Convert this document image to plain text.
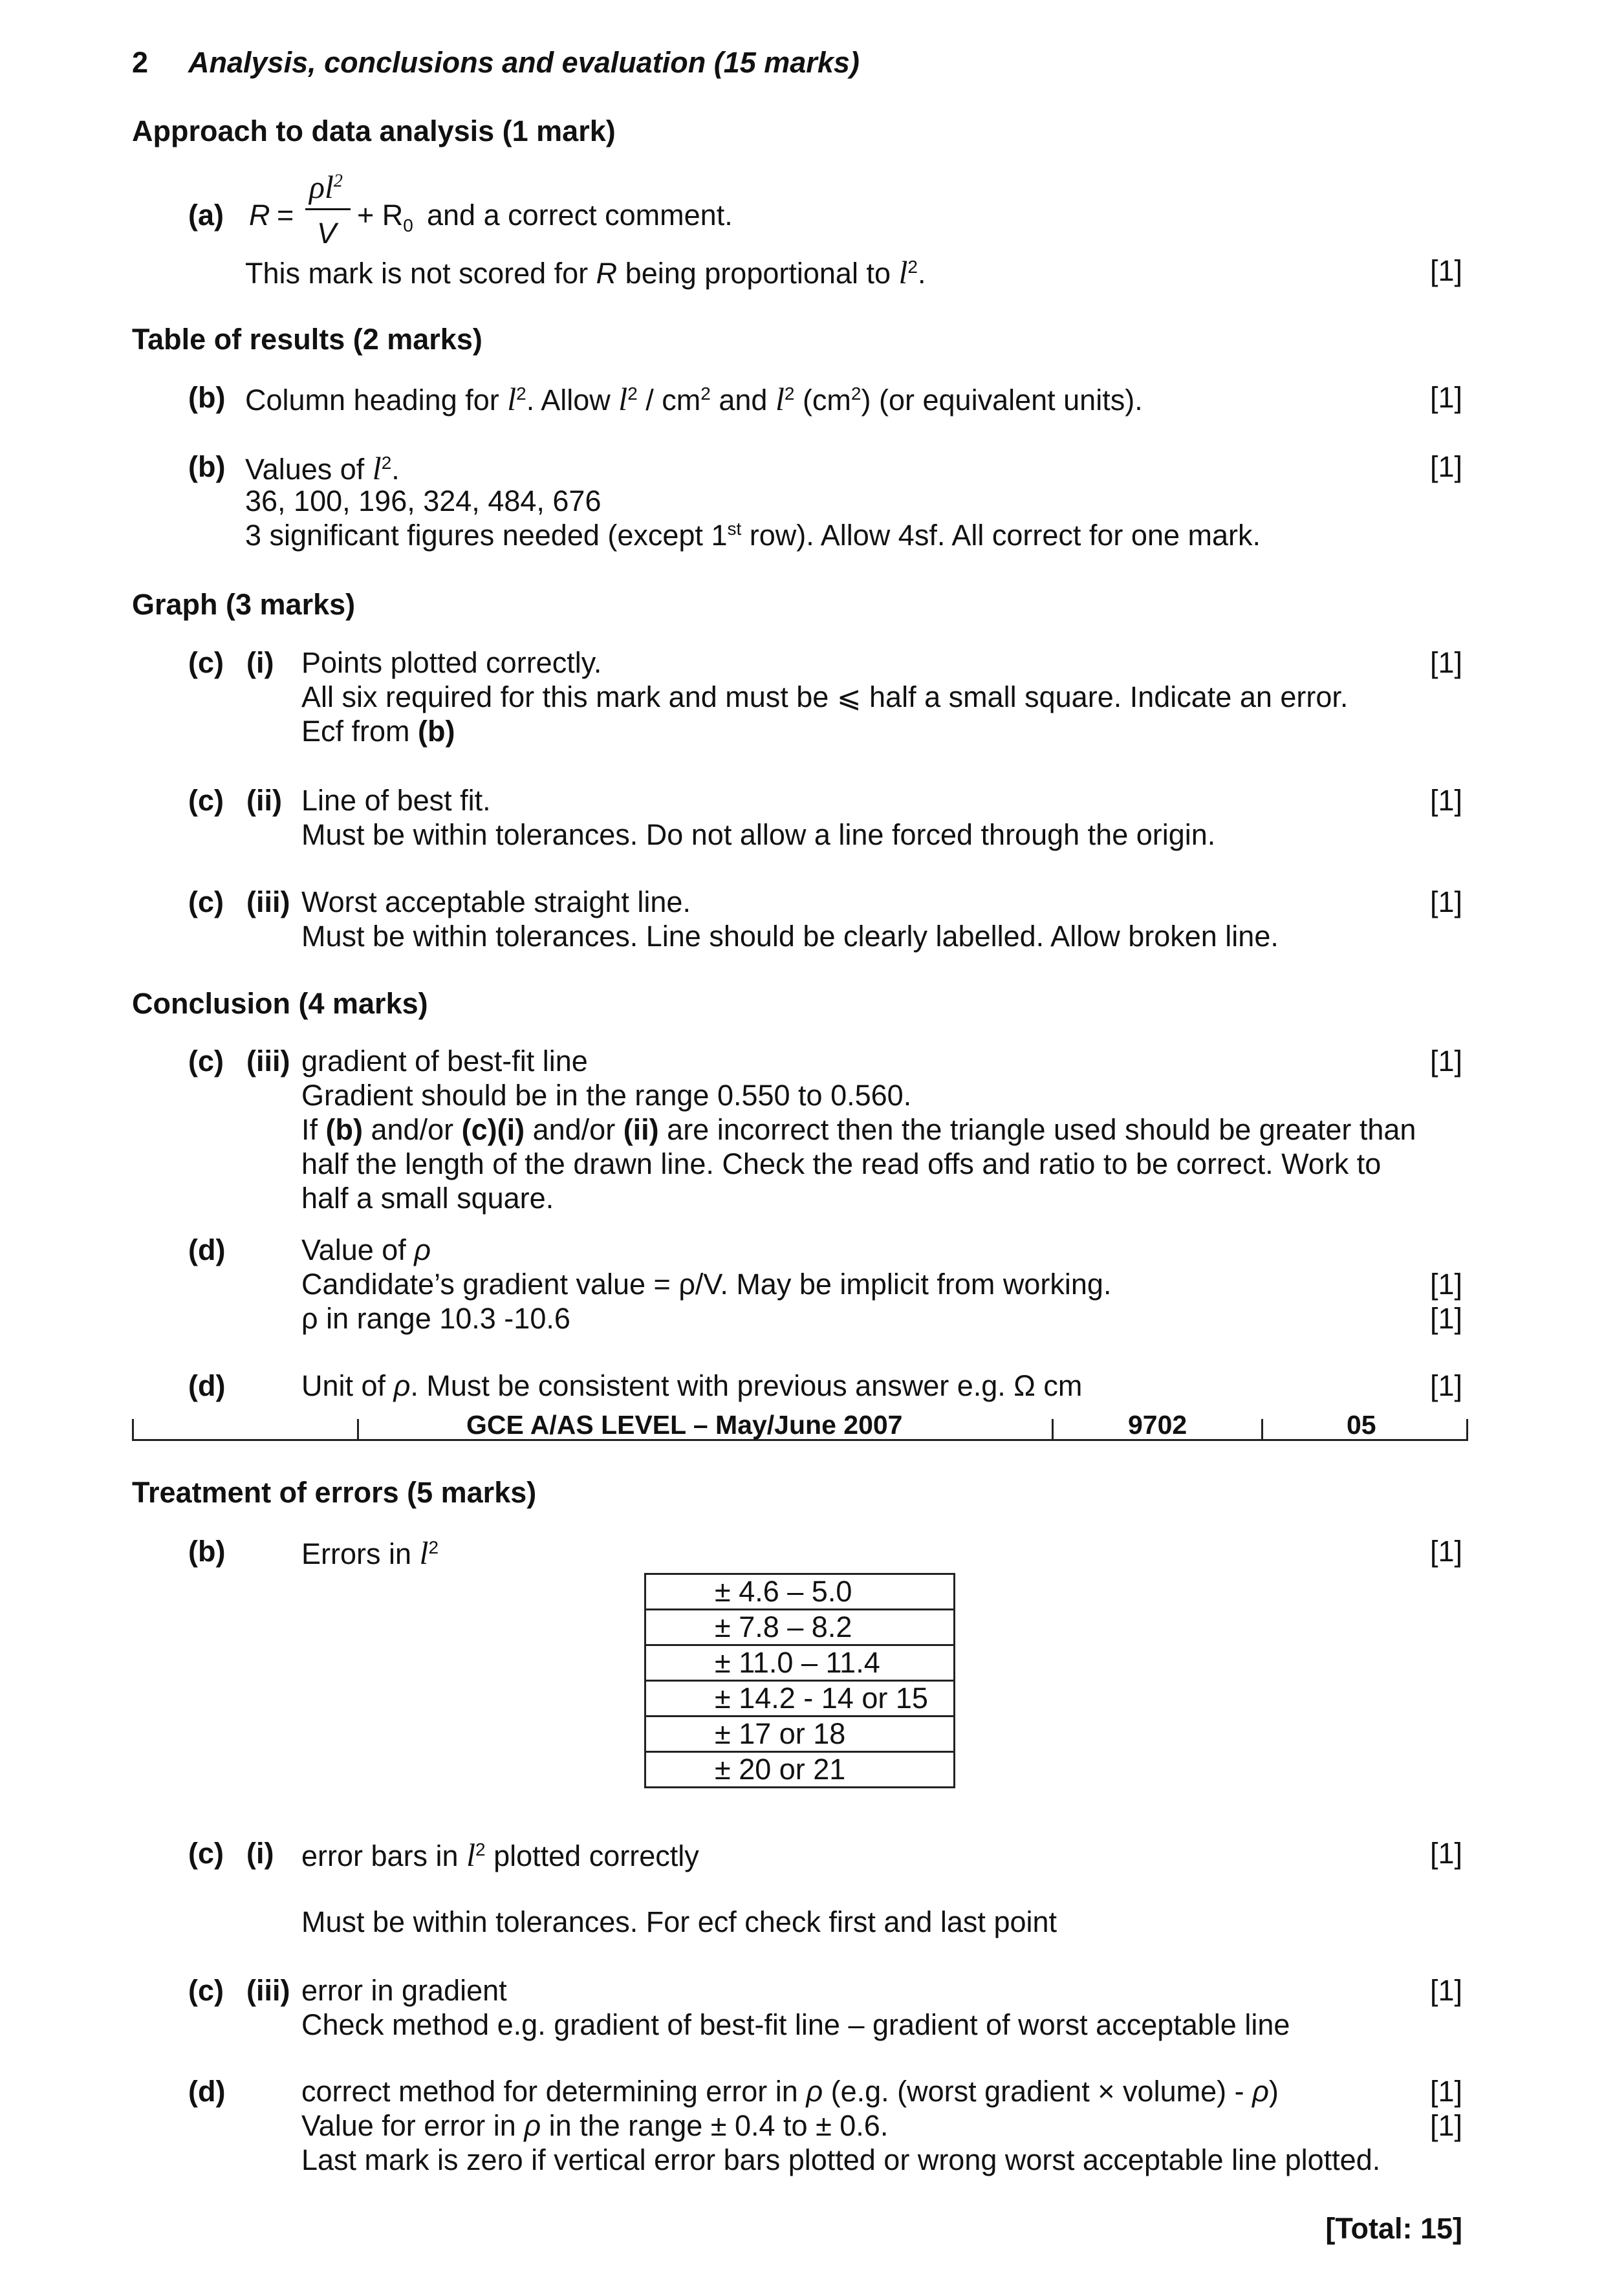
2 Analysis, conclusions and evaluation (15 marks)
Approach to data analysis (1 mark)
(a) R =
$\rho l^2$
V
+ $R_0$ and a correct comment.
This mark is not scored for R being proportional to $l^2$.	[1]
Table of results (2 marks)
(b) Column heading for $l^2$. Allow $l^2 / cm^2$ and $l^2$ $(cm^2)$ (or equivalent units).	[1]
(b) Values of $l^2$.	[1]
36, 100, 196, 324, 484, 676
3 significant figures needed (except 1st row). Allow 4sf. All correct for one mark.
Graph (3 marks)
(c) (i) Points plotted correctly.	[1]
All six required for this mark and must be ⩽ half a small square. Indicate an error.
Ecf from (b)
(c) (ii) Line of best fit.	[1]
Must be within tolerances. Do not allow a line forced through the origin.
(c) (iii) Worst acceptable straight line.	[1]
Must be within tolerances. Line should be clearly labelled. Allow broken line.
Conclusion (4 marks)
(c) (iii) gradient of best-fit line	[1]
Gradient should be in the range 0.550 to 0.560.
If (b) and/or (c)(i) and/or (ii) are incorrect then the triangle used should be greater than
half the length of the drawn line. Check the read offs and ratio to be correct. Work to
half a small square.
(d)	Value of ρ
Candidate’s gradient value = ρ/V. May be implicit from working.	[1]
ρ in range 10.3 -10.6	[1]
(d)	Unit of ρ. Must be consistent with previous answer e.g. Ω cm	[1]
GCE A/AS LEVEL – May/June 2007	9702	05
Treatment of errors (5 marks)
(b)	Errors in $l^2$	[1]
± 4.6 – 5.0
± 7.8 – 8.2
± 11.0 – 11.4
± 14.2 - 14 or 15
± 17 or 18
± 20 or 21
(c) (i) error bars in $l^2$ plotted correctly	[1]
Must be within tolerances. For ecf check first and last point
(c) (iii) error in gradient	[1]
Check method e.g. gradient of best-fit line – gradient of worst acceptable line
(d)	correct method for determining error in ρ (e.g. (worst gradient × volume) - ρ)	[1]
Value for error in ρ in the range ± 0.4 to ± 0.6.	[1]
Last mark is zero if vertical error bars plotted or wrong worst acceptable line plotted.
[Total: 15]
